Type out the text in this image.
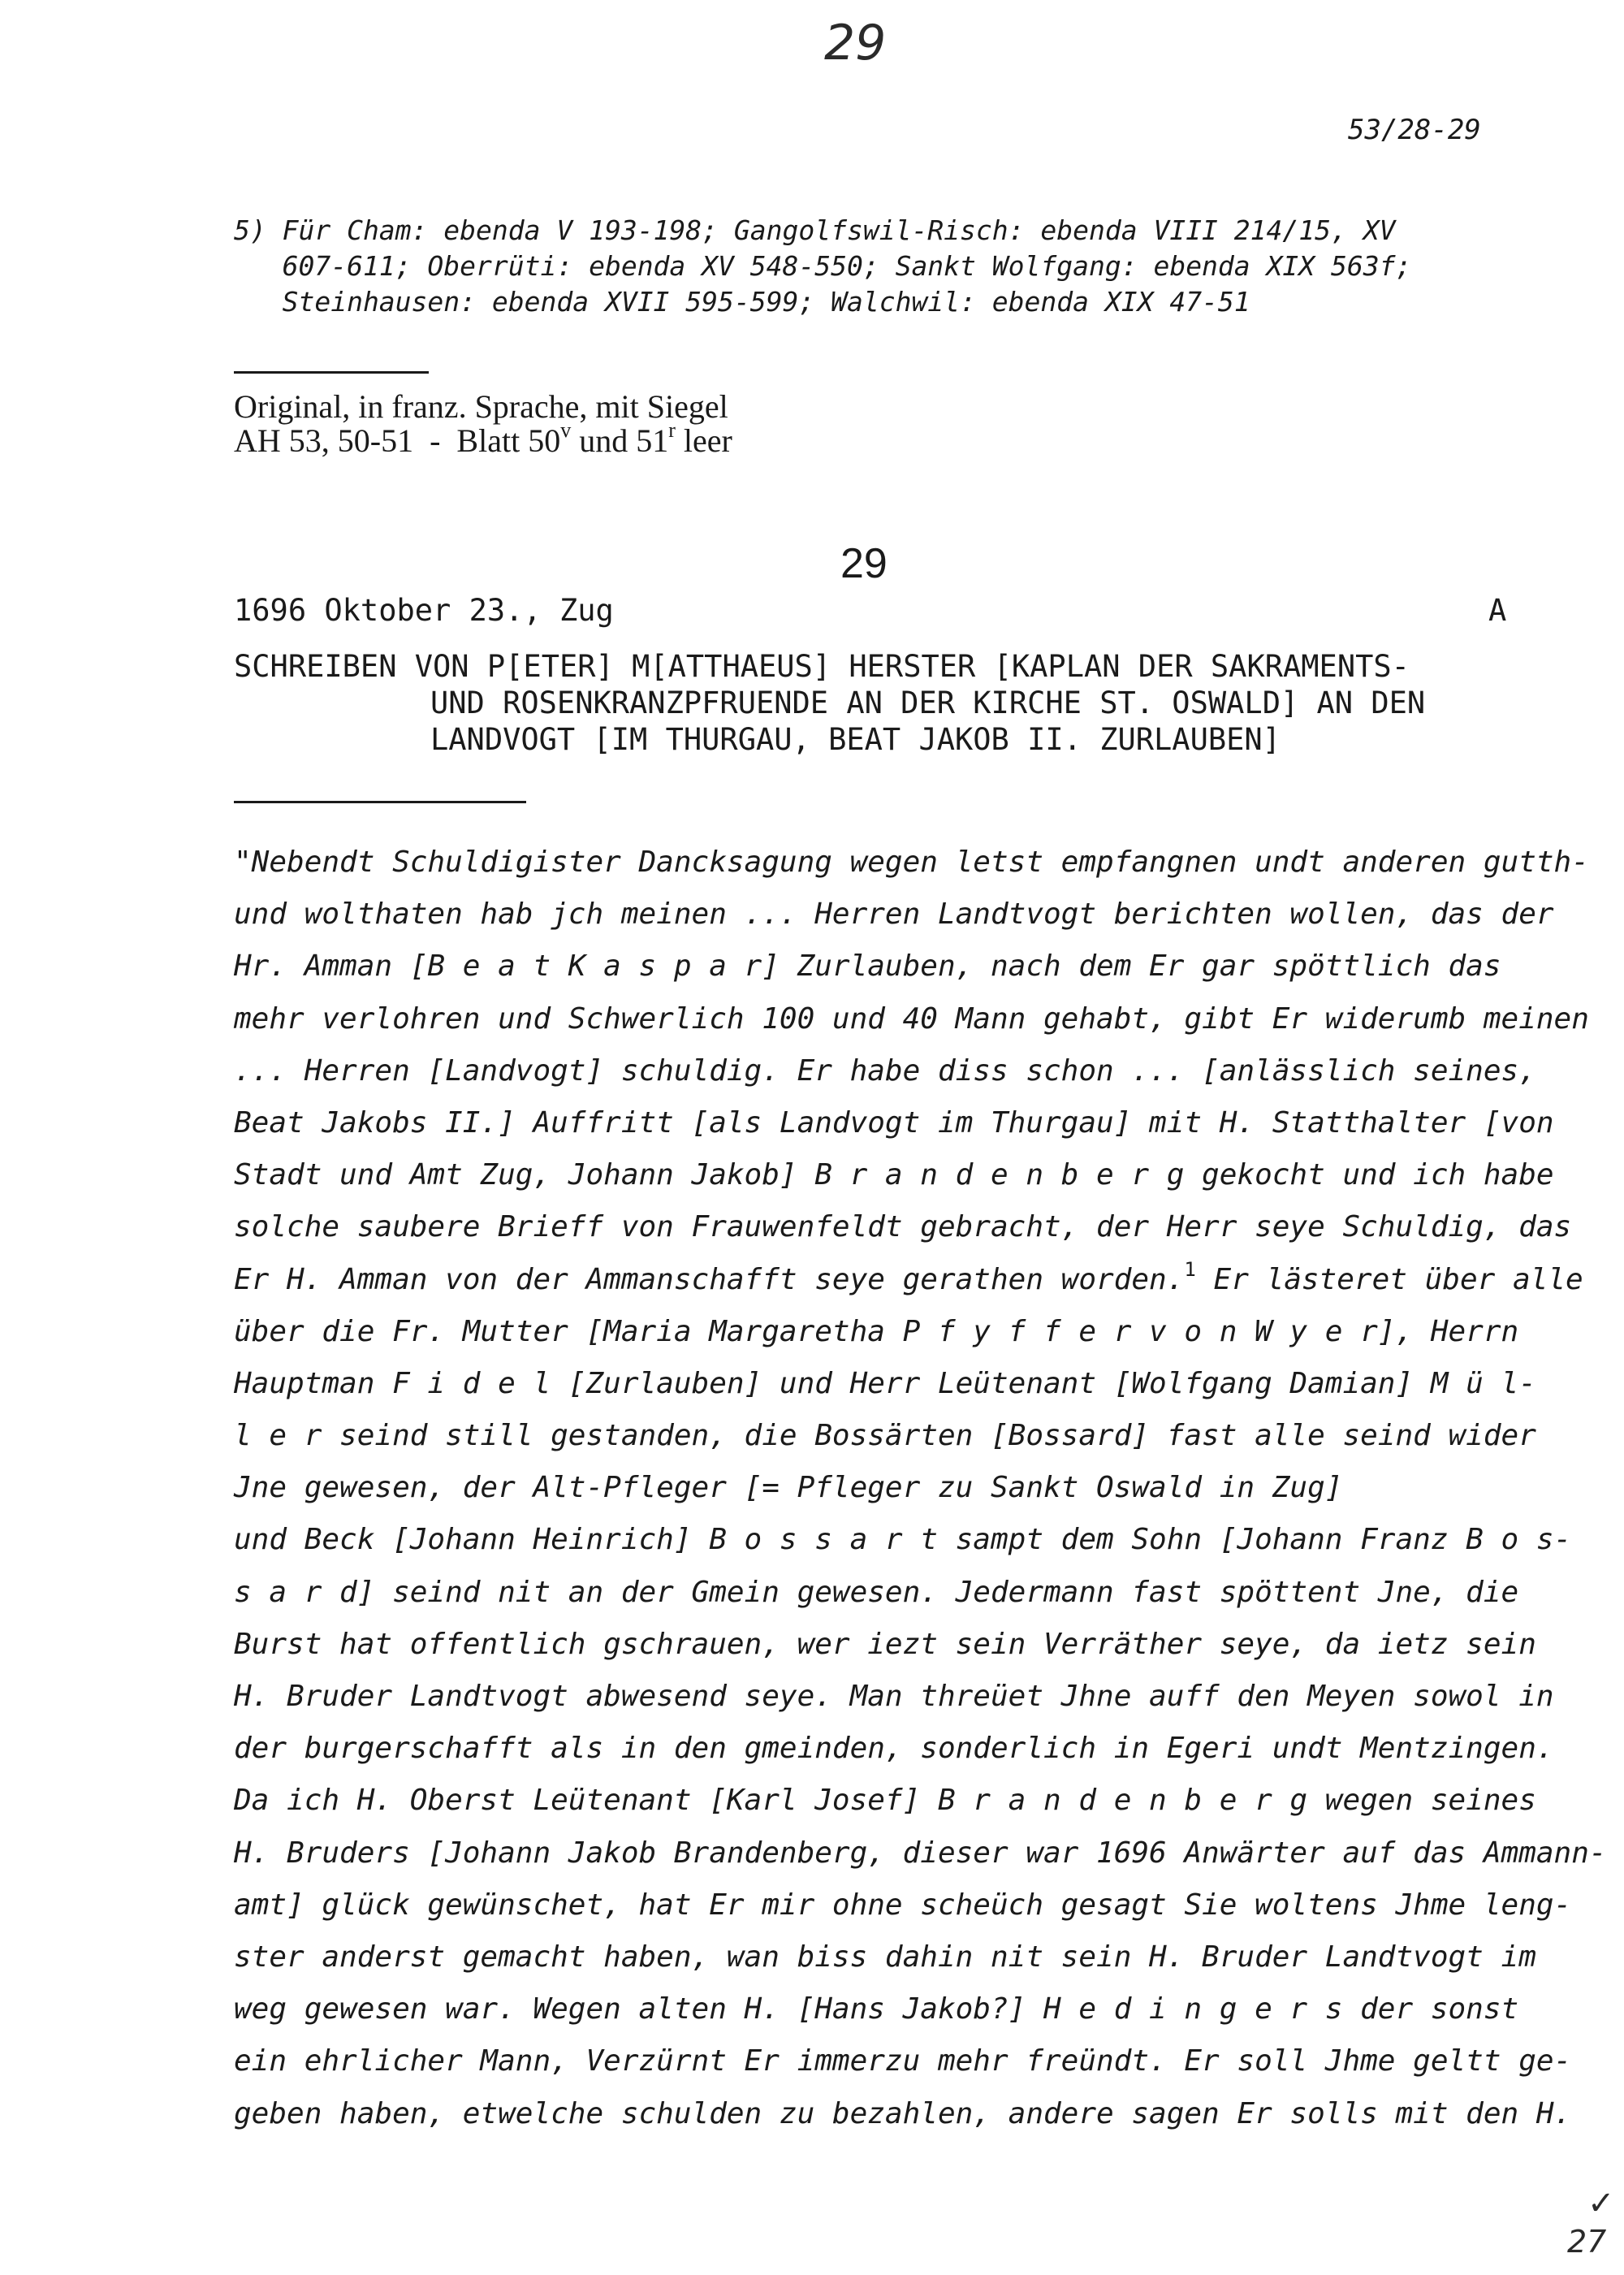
29
53/28-29
5) Für Cham: ebenda V 193-198; Gangolfswil-Risch: ebenda VIII 214/15, XV
607-611; Oberrüti: ebenda XV 548-550; Sankt Wolfgang: ebenda XIX 563f;
Steinhausen: ebenda XVII 595-599; Walchwil: ebenda XIX 47-51
Original, in franz. Sprache, mit Siegel
AH 53, 50-51  -  Blatt 50$^v$ und 51$^r$ leer
29
1696 Oktober 23., Zug	A
SCHREIBEN VON P[ETER] M[ATTHAEUS] HERSTER [KAPLAN DER SAKRAMENTS-
UND ROSENKRANZPFRUENDE AN DER KIRCHE ST. OSWALD] AN DEN
LANDVOGT [IM THURGAU, BEAT JAKOB II. ZURLAUBEN]
"Nebendt Schuldigister Dancksagung wegen letst empfangnen undt anderen gutth-
und wolthaten hab jch meinen ... Herren Landtvogt berichten wollen, das der
Hr. Amman [B e a t K a s p a r] Zurlauben, nach dem Er gar spöttlich das
mehr verlohren und Schwerlich 100 und 40 Mann gehabt, gibt Er widerumb meinen
... Herren [Landvogt] schuldig. Er habe diss schon ... [anlässlich seines,
Beat Jakobs II.] Auffritt [als Landvogt im Thurgau] mit H. Statthalter [von
Stadt und Amt Zug, Johann Jakob] B r a n d e n b e r g gekocht und ich habe
solche saubere Brieff von Frauwenfeldt gebracht, der Herr seye Schuldig, das
Er H. Amman von der Ammanschafft seye gerathen worden.$^1$ Er lästeret über alle
über die Fr. Mutter [Maria Margaretha P f y f f e r v o n W y e r], Herrn
Hauptman F i d e l [Zurlauben] und Herr Leütenant [Wolfgang Damian] M ü l-
l e r seind still gestanden, die Bossärten [Bossard] fast alle seind wider
Jne gewesen, der Alt-Pfleger [= Pfleger zu Sankt Oswald in Zug]
und Beck [Johann Heinrich] B o s s a r t sampt dem Sohn [Johann Franz B o s-
s a r d] seind nit an der Gmein gewesen. Jedermann fast spöttent Jne, die
Burst hat offentlich gschrauen, wer iezt sein Verräther seye, da ietz sein
H. Bruder Landtvogt abwesend seye. Man threüet Jhne auff den Meyen sowol in
der burgerschafft als in den gmeinden, sonderlich in Egeri undt Mentzingen.
Da ich H. Oberst Leütenant [Karl Josef] B r a n d e n b e r g wegen seines
H. Bruders [Johann Jakob Brandenberg, dieser war 1696 Anwärter auf das Ammann-
amt] glück gewünschet, hat Er mir ohne scheüch gesagt Sie woltens Jhme leng-
ster anderst gemacht haben, wan biss dahin nit sein H. Bruder Landtvogt im
weg gewesen war. Wegen alten H. [Hans Jakob?] H e d i n g e r s der sonst
ein ehrlicher Mann, Verzürnt Er immerzu mehr freündt. Er soll Jhme geltt ge-
geben haben, etwelche schulden zu bezahlen, andere sagen Er solls mit den H.
✓
27
